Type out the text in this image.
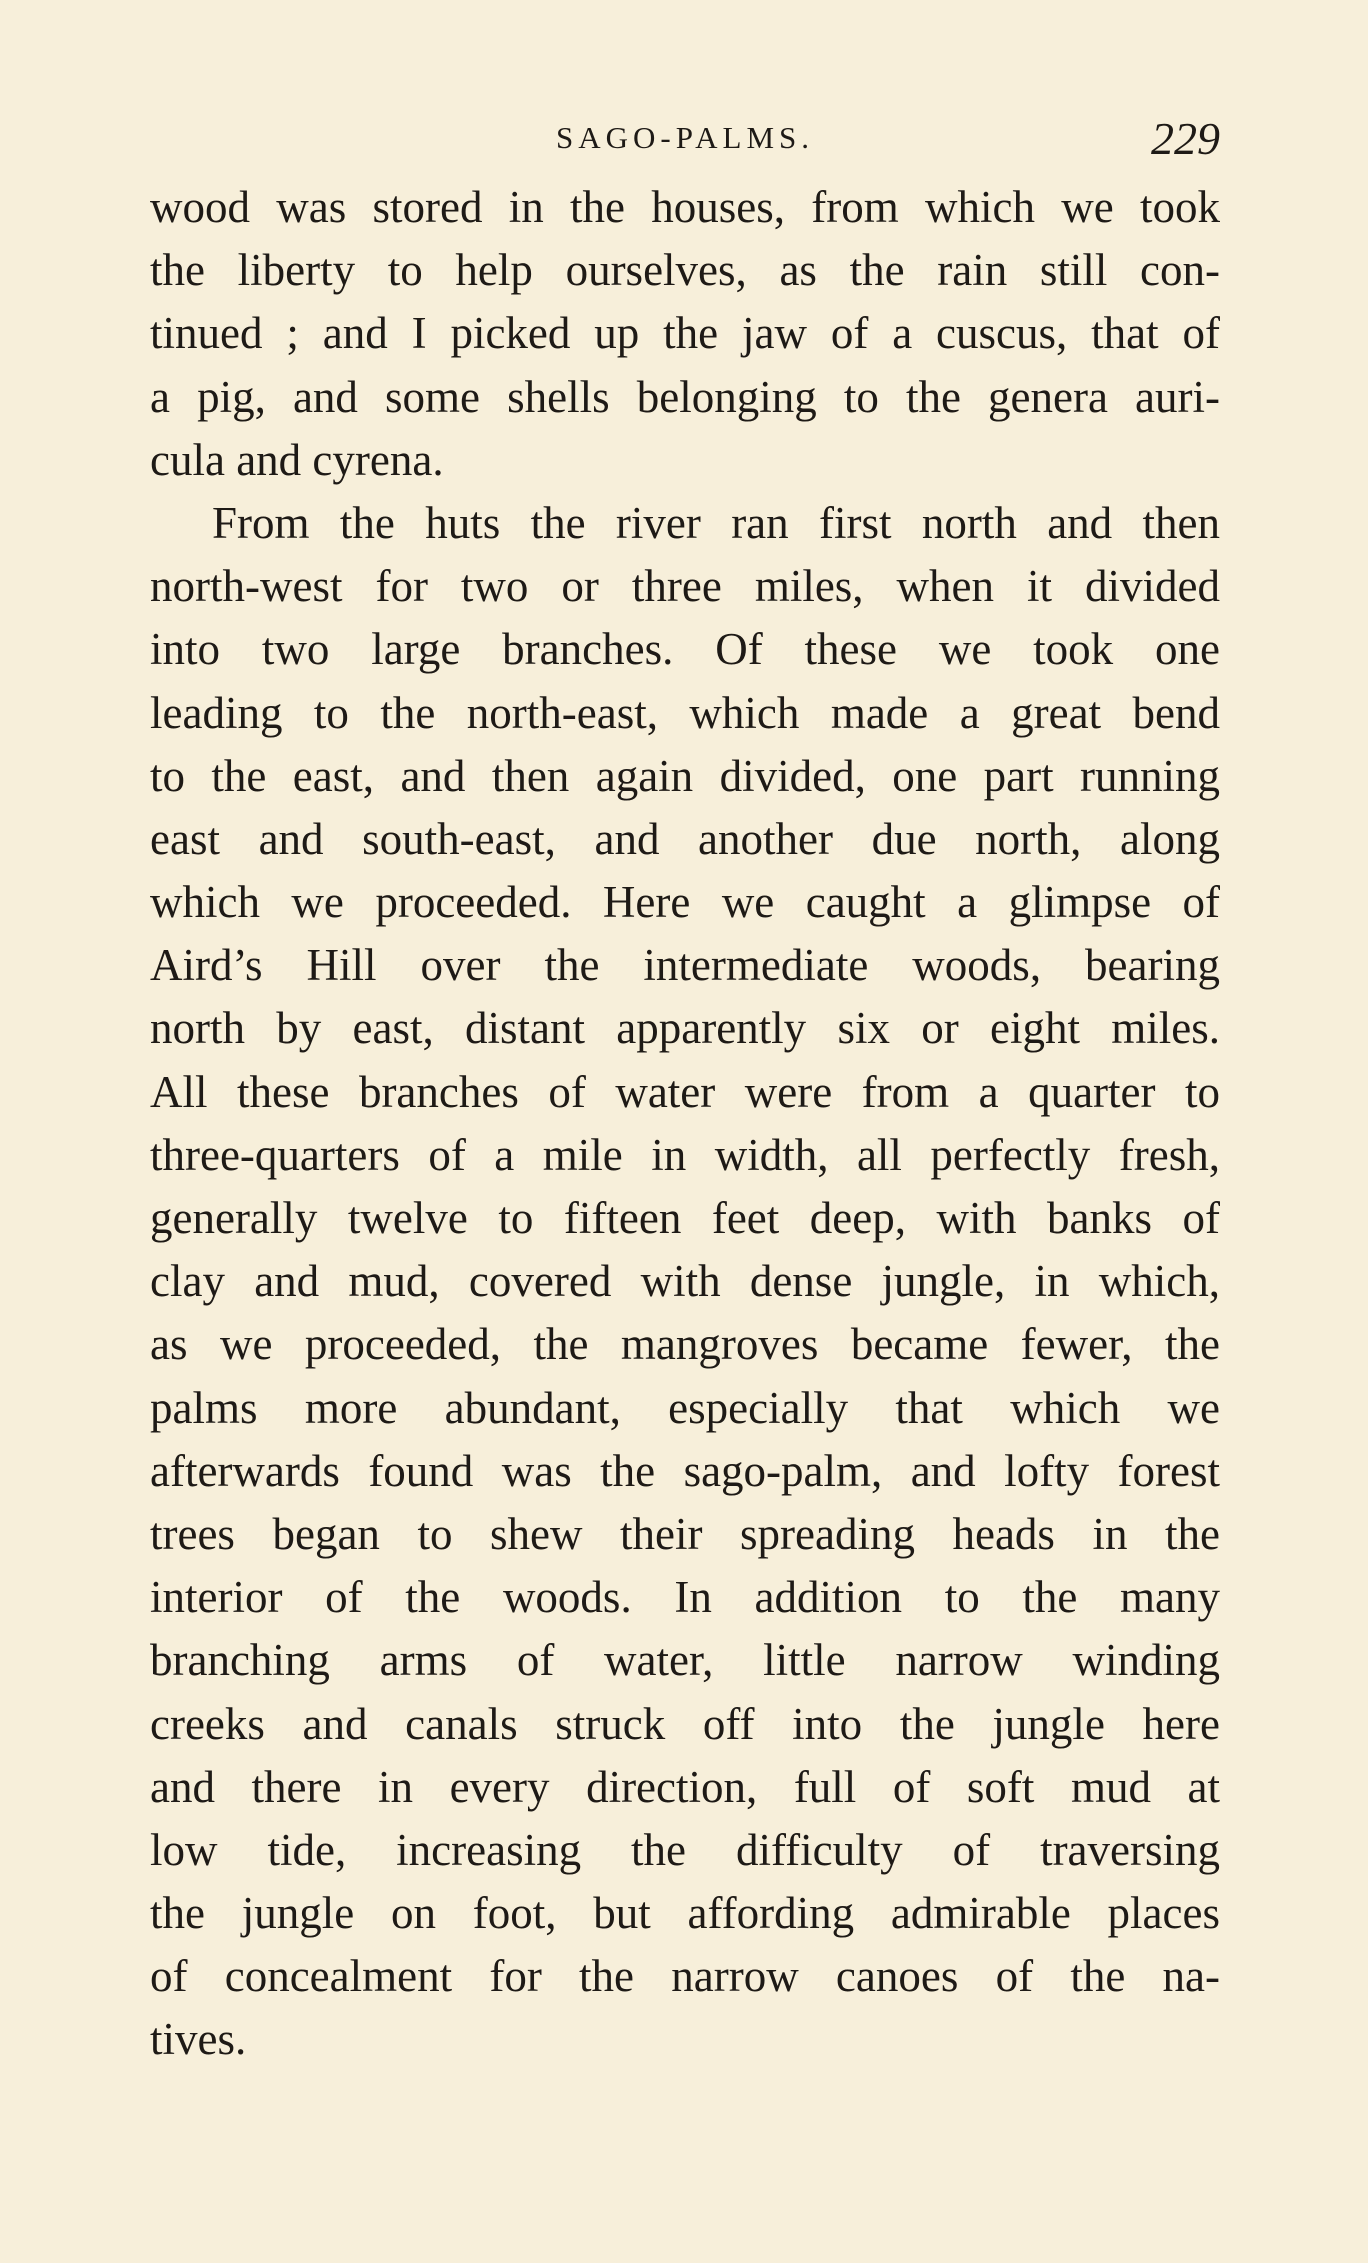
SAGO-PALMS.	229
wood was stored in the houses, from which we took
the liberty to help ourselves, as the rain still con-
tinued ; and I picked up the jaw of a cuscus, that of
a pig, and some shells belonging to the genera auri-
cula and cyrena.
From the huts the river ran first north and then
north-west for two or three miles, when it divided
into two large branches. Of these we took one
leading to the north-east, which made a great bend
to the east, and then again divided, one part running
east and south-east, and another due north, along
which we proceeded. Here we caught a glimpse of
Aird’s Hill over the intermediate woods, bearing
north by east, distant apparently six or eight miles.
All these branches of water were from a quarter to
three-quarters of a mile in width, all perfectly fresh,
generally twelve to fifteen feet deep, with banks of
clay and mud, covered with dense jungle, in which,
as we proceeded, the mangroves became fewer, the
palms more abundant, especially that which we
afterwards found was the sago-palm, and lofty forest
trees began to shew their spreading heads in the
interior of the woods. In addition to the many
branching arms of water, little narrow winding
creeks and canals struck off into the jungle here
and there in every direction, full of soft mud at
low tide, increasing the difficulty of traversing
the jungle on foot, but affording admirable places
of concealment for the narrow canoes of the na-
tives.
